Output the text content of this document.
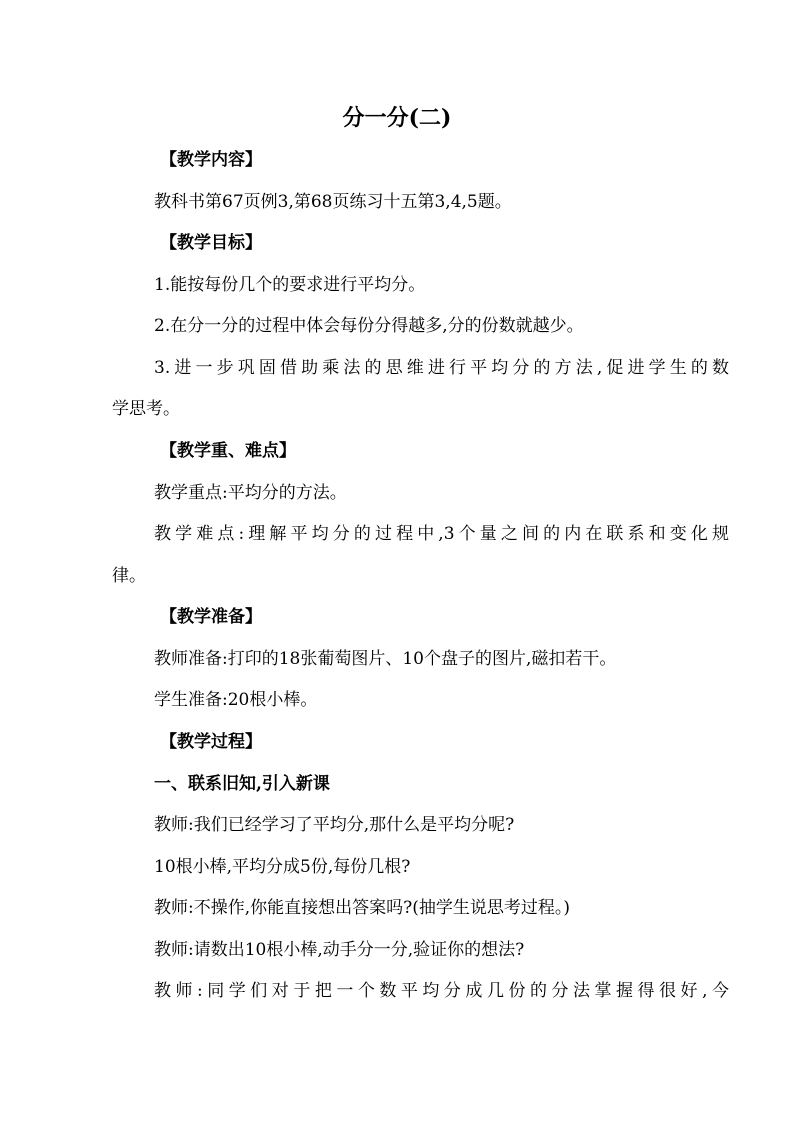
分一分(二)
【教学内容】
教科书第67页例3,第68页练习十五第3,4,5题。
【教学目标】
1.能按每份几个的要求进行平均分。
2.在分一分的过程中体会每份分得越多,分的份数就越少。
3.进一步巩固借助乘法的思维进行平均分的方法,促进学生的数
学思考。
【教学重、难点】
教学重点:平均分的方法。
教学难点:理解平均分的过程中,3个量之间的内在联系和变化规
律。
【教学准备】
教师准备:打印的18张葡萄图片、10个盘子的图片,磁扣若干。
学生准备:20根小棒。
【教学过程】
一、联系旧知,引入新课
教师:我们已经学习了平均分,那什么是平均分呢?
10根小棒,平均分成5份,每份几根?
教师:不操作,你能直接想出答案吗?(抽学生说思考过程。)
教师:请数出10根小棒,动手分一分,验证你的想法?
教师:同学们对于把一个数平均分成几份的分法掌握得很好,今
